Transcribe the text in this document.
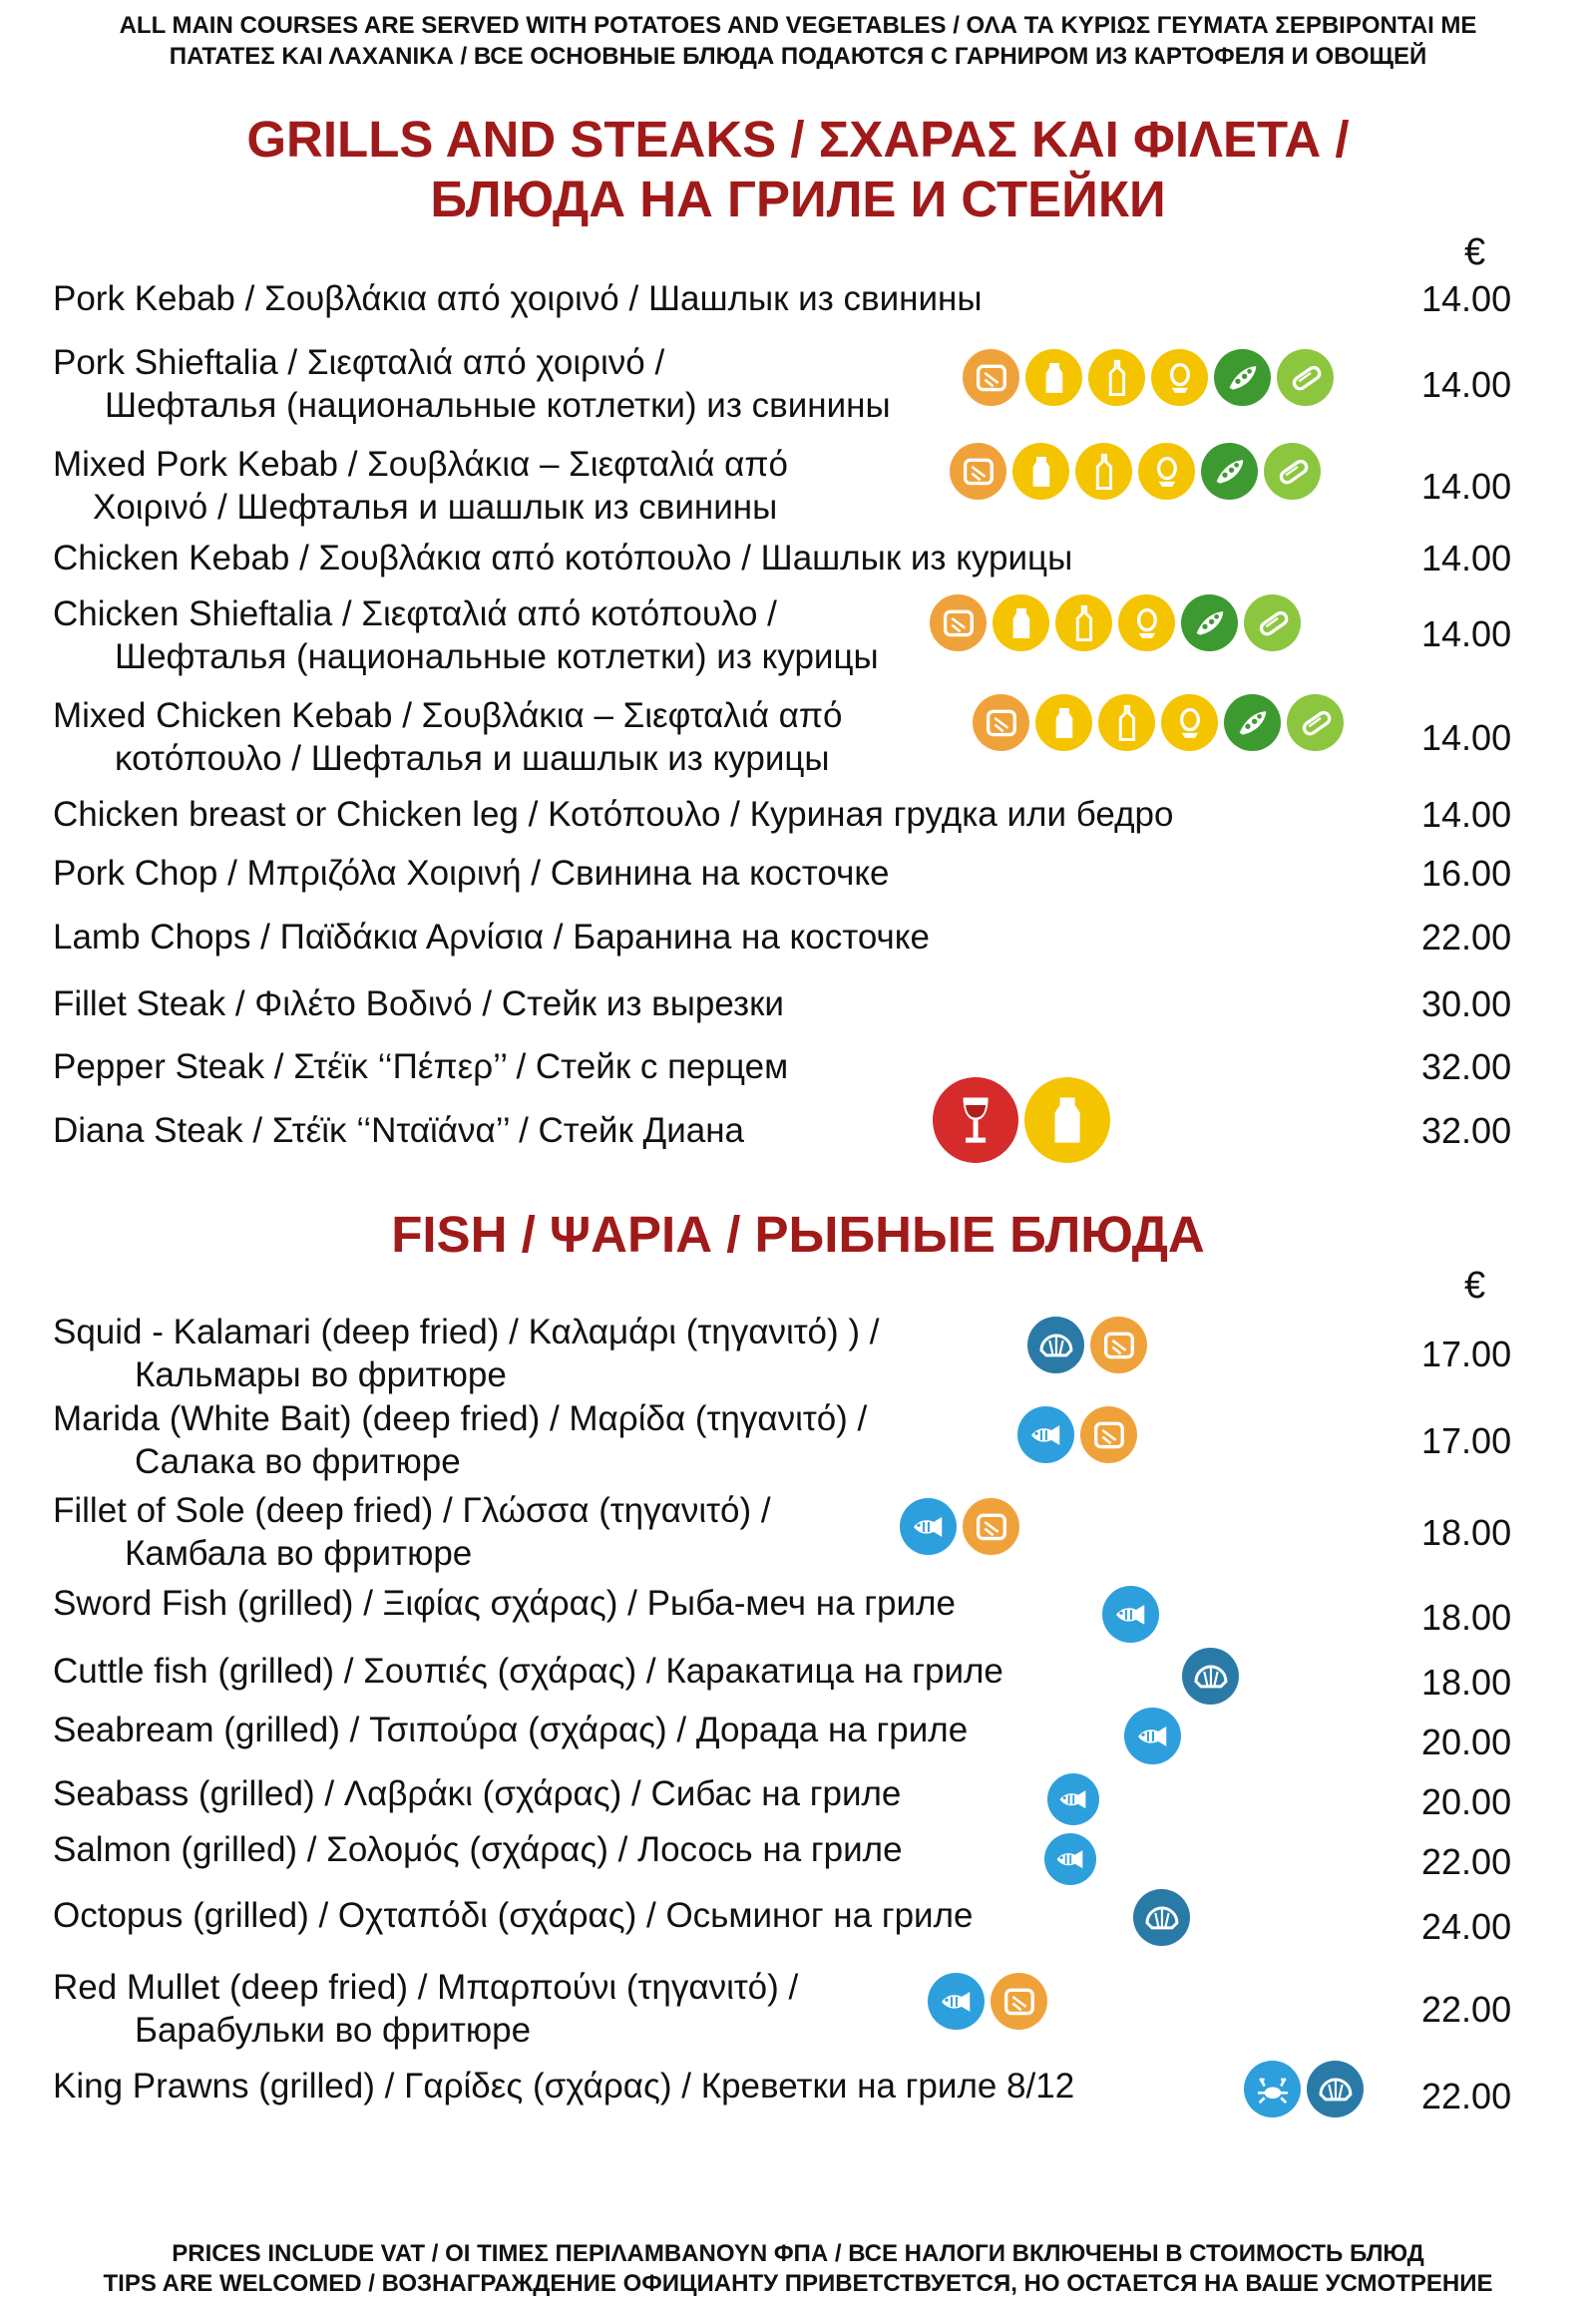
ALL MAIN COURSES ARE SERVED WITH POTATOES AND VEGETABLES / ΟΛΑ ΤΑ ΚΥΡΙΩΣ ΓΕΥΜΑΤΑ ΣΕΡΒΙΡΟΝΤΑΙ ΜΕ
ΠΑΤΑΤΕΣ ΚΑΙ ΛΑΧΑΝΙΚΑ / ВСЕ ОСНОВНЫЕ БЛЮДА ПОДАЮТСЯ С ГАРНИРОМ ИЗ КАРТОФЕЛЯ И ОВОЩЕЙ
GRILLS AND STEAKS / ΣΧΑΡΑΣ ΚΑΙ ΦΙΛΕΤΑ /
БЛЮДА НА ГРИЛЕ И СТЕЙКИ
€
Pork Kebab / Σουβλάκια από χοιρινό / Шашлык из свинины	14.00
Pork Shieftalia / Σιεφταλιά από χοιρινό /
Шефталья (национальные котлетки) из свинины
14.00
Mixed Pork Kebab / Σουβλάκια – Σιεφταλιά από
Χοιρινό / Шефталья и шашлык из свинины
14.00
Chicken Kebab / Σουβλάκια από κοτόπουλο / Шашлык из курицы	14.00
Chicken Shieftalia / Σιεφταλιά από κοτόπουλο /
Шефталья (национальные котлетки) из курицы
14.00
Mixed Chicken Kebab / Σουβλάκια – Σιεφταλιά από
κοτόπουλο / Шефталья и шашлык из курицы
14.00
Chicken breast or Chicken leg / Κοτόπουλο / Куриная грудка или бедро	14.00
Pork Chop / Μπριζόλα Χοιρινή / Свинина на косточке	16.00
Lamb Chops / Παϊδάκια Αρνίσια / Баранина на косточке	22.00
Fillet Steak / Φιλέτο Βοδινό / Стейк из вырезки	30.00
Pepper Steak / Στέϊκ ‘‘Πέπερ’’ / Стейк с перцем	32.00
Diana Steak / Στέϊκ ‘‘Νταϊάνα’’ / Стейк Диана	32.00
FISH / ΨΑΡΙΑ / РЫБНЫЕ БЛЮДА
€
Squid - Kalamari (deep fried) / Καλαμάρι (τηγανιτό) ) /
Кальмары во фритюре
17.00
Marida (White Bait) (deep fried) / Μαρίδα (τηγανιτό) /
Салака во фритюре
17.00
Fillet of Sole (deep fried) / Γλώσσα (τηγανιτό) /
Камбала во фритюре
18.00
Sword Fish (grilled) / Ξιφίας σχάρας) / Рыба-меч на гриле	18.00
Cuttle fish (grilled) / Σουπιές (σχάρας) / Каракатица на гриле	18.00
Seabream (grilled) / Τσιπούρα (σχάρας) / Дорада на гриле	20.00
Seabass (grilled) / Λαβράκι (σχάρας) / Сибас на гриле	20.00
Salmon (grilled) / Σολομός (σχάρας) / Лосось на гриле	22.00
Octopus (grilled) / Οχταπόδι (σχάρας) / Осьминог на гриле	24.00
Red Mullet (deep fried) / Μπαρπούνι (τηγανιτό) /
Барабульки во фритюре
22.00
King Prawns (grilled) / Γαρίδες (σχάρας) / Креветки на гриле 8/12	22.00
PRICES INCLUDE VAT / ΟΙ ΤΙΜΕΣ ΠΕΡΙΛΑΜΒΑΝΟΥΝ ΦΠΑ / ВСЕ НАЛОГИ ВКЛЮЧЕНЫ В СТОИМОСТЬ БЛЮД
TIPS ARE WELCOMED / ВОЗНАГРАЖДЕНИЕ ОФИЦИАНТУ ПРИВЕТСТВУЕТСЯ, НО ОСТАЕТСЯ НА ВАШЕ УСМОТРЕНИЕ
